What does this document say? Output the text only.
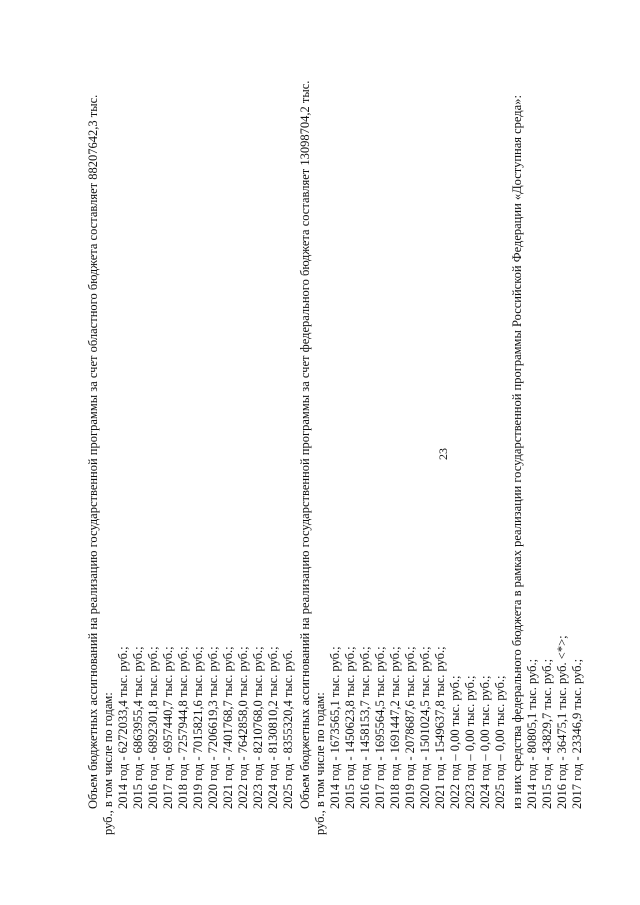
23
Объем бюджетных ассигнований на реализацию государственной программы за счет областного бюджета составляет 88207642,3 тыс. руб., в том числе по годам: 2014 год - 6272033,4 тыс. руб.; 2015 год - 6863955,4 тыс. руб.; 2016 год - 6892301,8 тыс. руб.; 2017 год - 6957440,7 тыс. руб.; 2018 год - 7257944,8 тыс. руб.; 2019 год - 7015821,6 тыс. руб.; 2020 год - 7206619,3 тыс. руб.; 2021 год - 7401768,7 тыс. руб.; 2022 год - 7642858,0 тыс. руб.; 2023 год - 8210768,0 тыс. руб.; 2024 год - 8130810,2 тыс. руб.; 2025 год - 8355320,4 тыс. руб. Объем бюджетных ассигнований на реализацию государственной программы за счет федерального бюджета составляет 13098704,2 тыс. руб., в том числе по годам: 2014 год - 1673565,1 тыс. руб.; 2015 год - 1450623,8 тыс. руб.; 2016 год - 1458153,7 тыс. руб.; 2017 год - 1695564,5 тыс. руб.; 2018 год - 1691447,2 тыс. руб.; 2019 год - 2078687,6 тыс. руб.; 2020 год - 1501024,5 тыс. руб.; 2021 год - 1549637,8 тыс. руб.; 2022 год – 0,00 тыс. руб.; 2023 год – 0,00 тыс. руб.; 2024 год – 0,00 тыс. руб.; 2025 год – 0,00 тыс. руб.; из них средства федерального бюджета в рамках реализации государственной программы Российской Федерации «Доступная среда»: 2014 год - 80805,1 тыс. руб.; 2015 год - 43829,7 тыс. руб.; 2016 год - 36475,1 тыс. руб. <*>; 2017 год - 23346,9 тыс. руб.;
